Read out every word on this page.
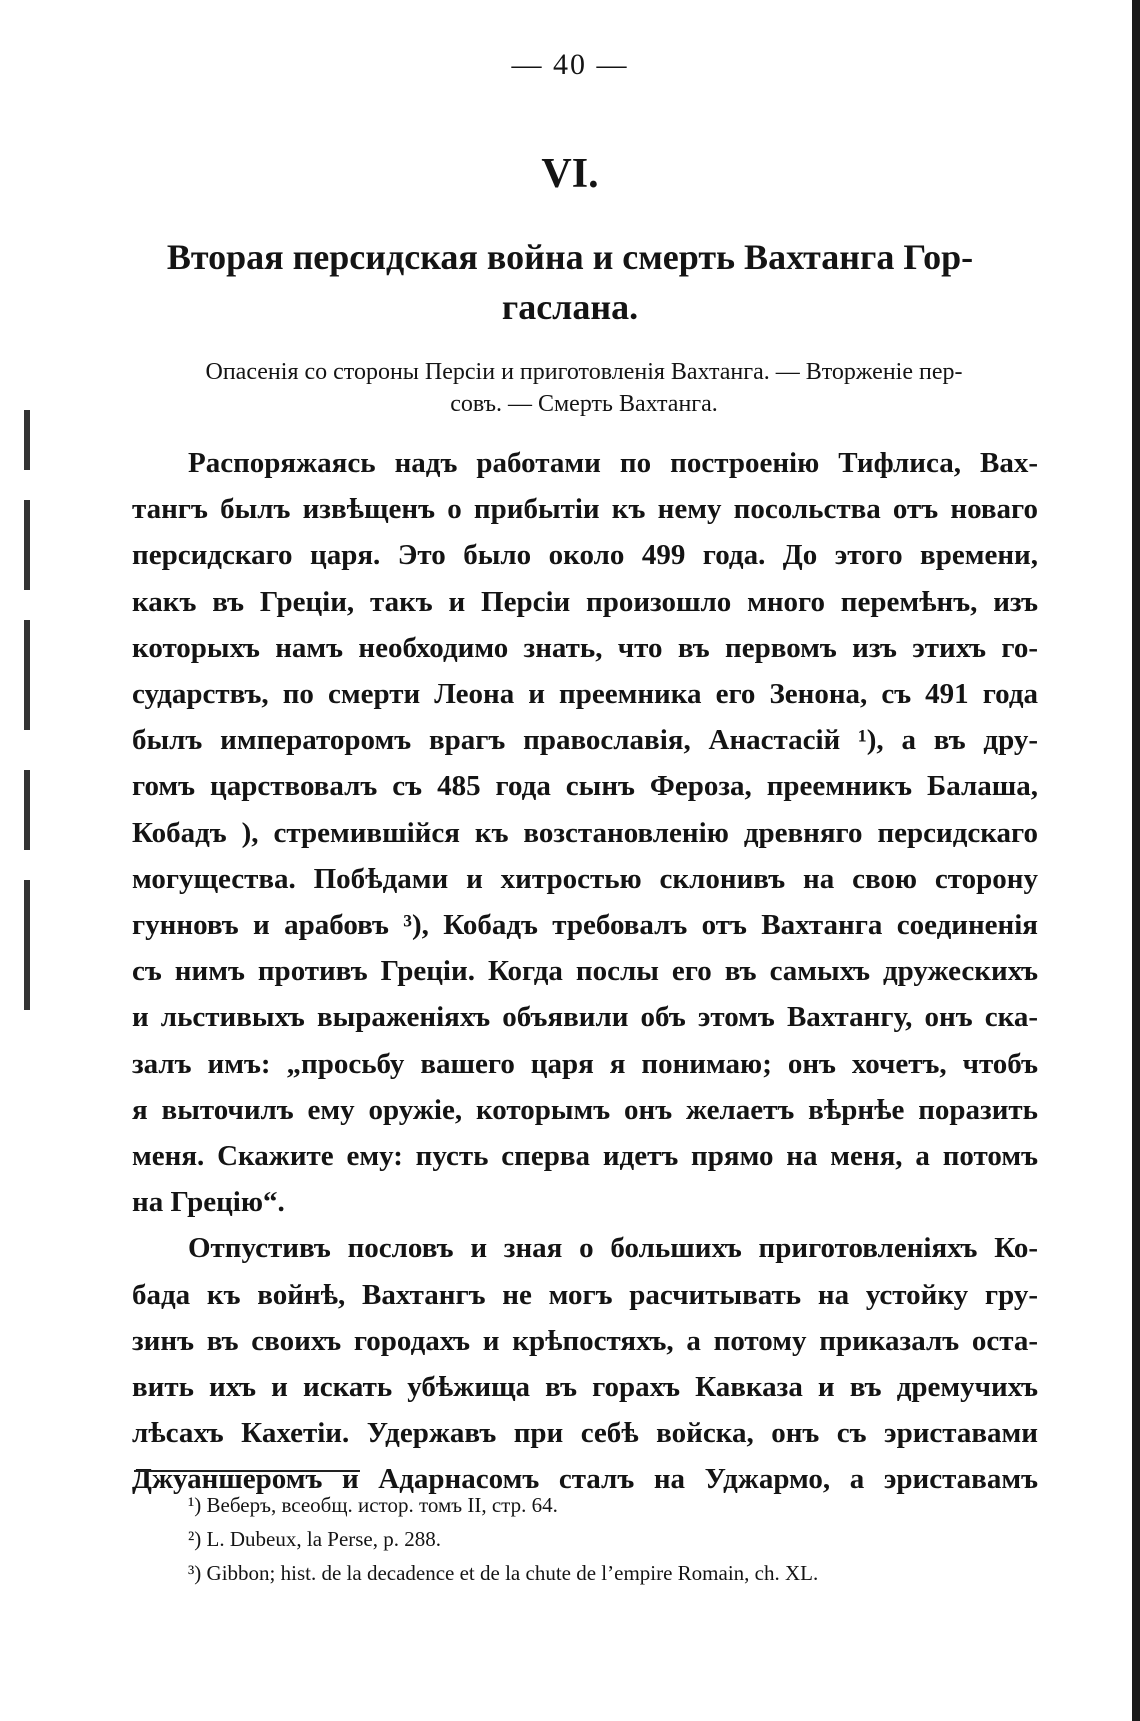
— 40 —
VI.
Вторая персидская война и смерть Вахтанга Гор-
гаслана.
Опасенія со стороны Персіи и приготовленія Вахтанга. — Вторженіе пер-
совъ. — Смерть Вахтанга.
Распоряжаясь надъ работами по построенію Тифлиса, Вах-
тангъ былъ извѣщенъ о прибытіи къ нему посольства отъ новаго
персидскаго царя. Это было около 499 года. До этого времени,
какъ въ Греціи, такъ и Персіи произошло много перемѣнъ, изъ
которыхъ намъ необходимо знать, что въ первомъ изъ этихъ го-
сударствъ, по смерти Леона и преемника его Зенона, съ 491 года
былъ императоромъ врагъ православія, Анастасій ¹), а въ дру-
гомъ царствовалъ съ 485 года сынъ Фероза, преемникъ Балаша,
Кобадъ ), стремившійся къ возстановленію древняго персидскаго
могущества. Побѣдами и хитростью склонивъ на свою сторону
гунновъ и арабовъ ³), Кобадъ требовалъ отъ Вахтанга соединенія
съ нимъ противъ Греціи. Когда послы его въ самыхъ дружескихъ
и льстивыхъ выраженіяхъ объявили объ этомъ Вахтангу, онъ ска-
залъ имъ: „просьбу вашего царя я понимаю; онъ хочетъ, чтобъ
я выточилъ ему оружіе, которымъ онъ желаетъ вѣрнѣе поразить
меня. Скажите ему: пусть сперва идетъ прямо на меня, а потомъ
на Грецію“.
Отпустивъ пословъ и зная о большихъ приготовленіяхъ Ко-
бада къ войнѣ, Вахтангъ не могъ расчитывать на устойку гру-
зинъ въ своихъ городахъ и крѣпостяхъ, а потому приказалъ оста-
вить ихъ и искать убѣжища въ горахъ Кавказа и въ дремучихъ
лѣсахъ Кахетіи. Удержавъ при себѣ войска, онъ съ эриставами
Джуаншеромъ и Адарнасомъ сталъ на Уджармо, а эриставамъ
¹) Веберъ, всеобщ. истор. томъ II, стр. 64.
²) L. Dubeux, la Perse, p. 288.
³) Gibbon; hist. de la decadence et de la chute de l’empire Romain, ch. XL.
